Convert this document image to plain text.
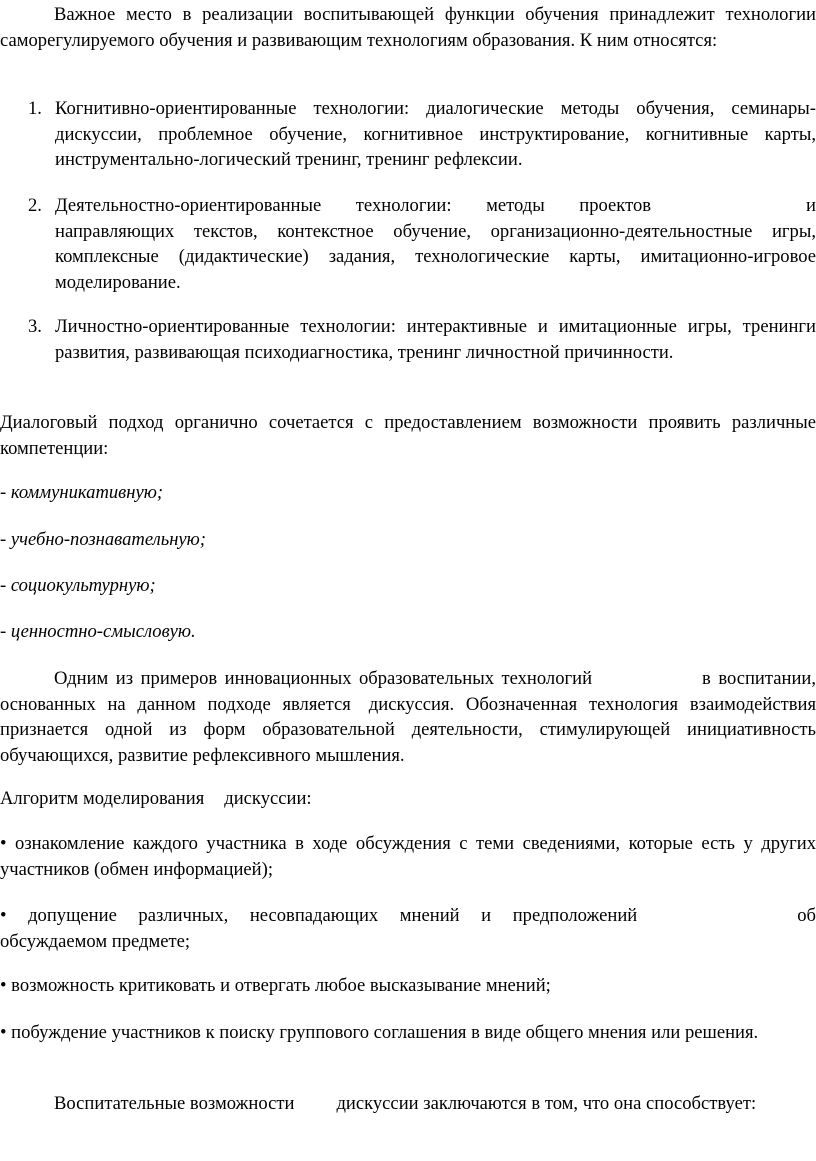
Важное место в реализации воспитывающей функции обучения принадлежит технологии саморегулируемого обучения и развивающим технологиям образования. К ним относятся:

1. Когнитивно-ориентированные технологии: диалогические методы обучения, семинары-дискуссии, проблемное обучение, когнитивное инструктирование, когнитивные карты, инструментально-логический тренинг, тренинг рефлексии.

2. Деятельностно-ориентированные технологии: методы проектов	и направляющих текстов, контекстное обучение, организационно-деятельностные игры, комплексные (дидактические) задания, технологические карты, имитационно-игровое моделирование.

3. Личностно-ориентированные технологии: интерактивные и имитационные игры, тренинги развития, развивающая психодиагностика, тренинг личностной причинности.

Диалоговый подход органично сочетается с предоставлением возможности проявить различные компетенции:

- коммуникативную;

- учебно-познавательную;

- социокультурную;

- ценностно-смысловую.

Одним из примеров инновационных образовательных технологий	в воспитании, основанных на данном подходе является дискуссия. Обозначенная технология взаимодействия признается одной из форм образовательной деятельности, стимулирующей инициативность обучающихся, развитие рефлексивного мышления.

Алгоритм моделирования дискуссии:

• ознакомление каждого участника в ходе обсуждения с теми сведениями, которые есть у других участников (обмен информацией);

• допущение различных, несовпадающих мнений и предположений	об обсуждаемом предмете;

• возможность критиковать и отвергать любое высказывание мнений;

• побуждение участников к поиску группового соглашения в виде общего мнения или решения.

Воспитательные возможности дискуссии заключаются в том, что она способствует:
